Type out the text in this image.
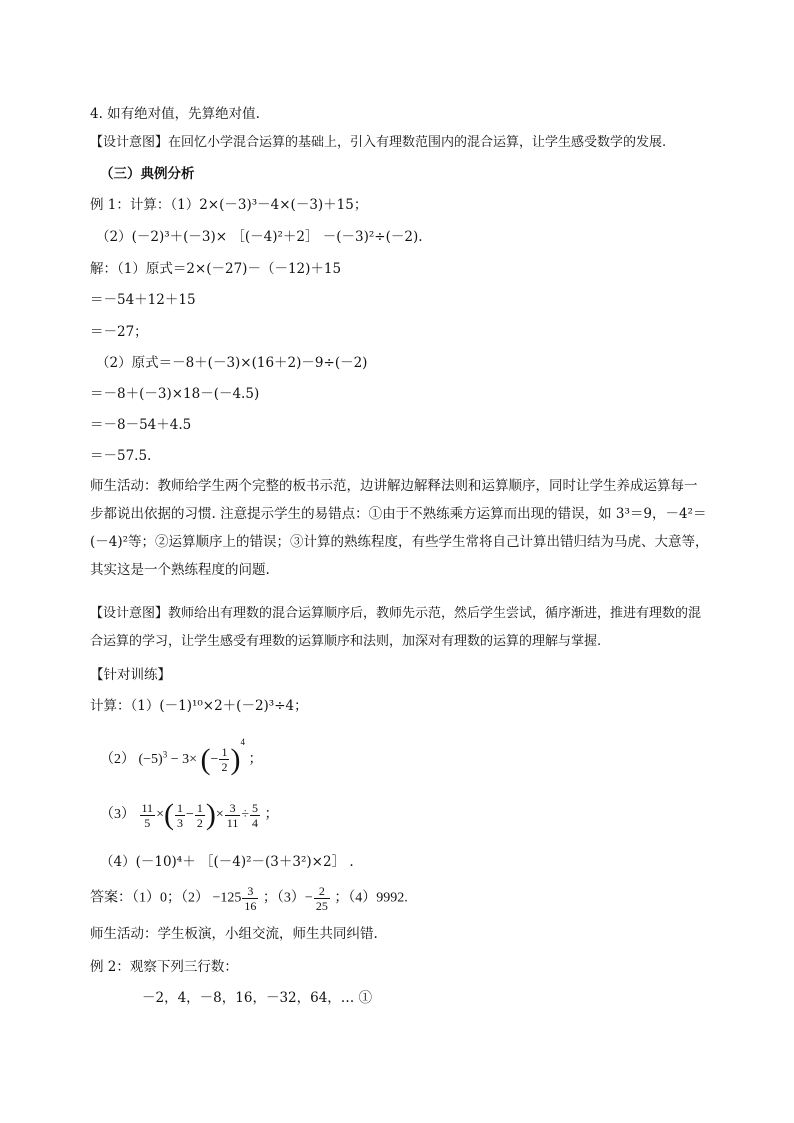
4. 如有绝对值，先算绝对值.
【设计意图】在回忆小学混合运算的基础上，引入有理数范围内的混合运算，让学生感受数学的发展.
（三）典例分析
例 1：计算：（1）2×(－3)³－4×(－3)＋15；
（2）(－2)³＋(－3)× ［(－4)²＋2］ －(－3)²÷(－2).
解：（1）原式＝2×(－27)－（－12)＋15
＝－54＋12＋15
＝－27；
（2）原式＝－8＋(－3)×(16＋2)－9÷(－2)
＝－8＋(－3)×18－(－4.5)
＝－8－54＋4.5
＝－57.5.
师生活动：教师给学生两个完整的板书示范，边讲解边解释法则和运算顺序，同时让学生养成运算每一步都说出依据的习惯. 注意提示学生的易错点：①由于不熟练乘方运算而出现的错误，如 3³＝9，－4²＝(－4)²等；②运算顺序上的错误；③计算的熟练程度，有些学生常将自己计算出错归结为马虎、大意等，其实这是一个熟练程度的问题.
【设计意图】教师给出有理数的混合运算顺序后，教师先示范，然后学生尝试，循序渐进，推进有理数的混合运算的学习，让学生感受有理数的运算顺序和法则，加深对有理数的运算的理解与掌握.
【针对训练】
计算：（1）(－1)¹⁰×2＋(－2)³÷4；
（2） $(-5)^3 - 3\times$ (− $\frac{1}{2} )^4$ ；
$(3) \frac{11}{5}$ ×( $\frac{1}{3} - \frac{1}{2}$ )× $\frac{3}{11} \div \frac{5}{4}$ ；
（4）(－10)⁴＋ ［(－4)²－(3＋3²)×2］ .
答案：（1）0；$(2) -125 \frac{3}{16}$ ；$(3)- \frac{2}{25}$ ；（4）9992.
师生活动：学生板演，小组交流，师生共同纠错.
例 2：观察下列三行数：
－2，4，－8，16，－32，64，… ①
